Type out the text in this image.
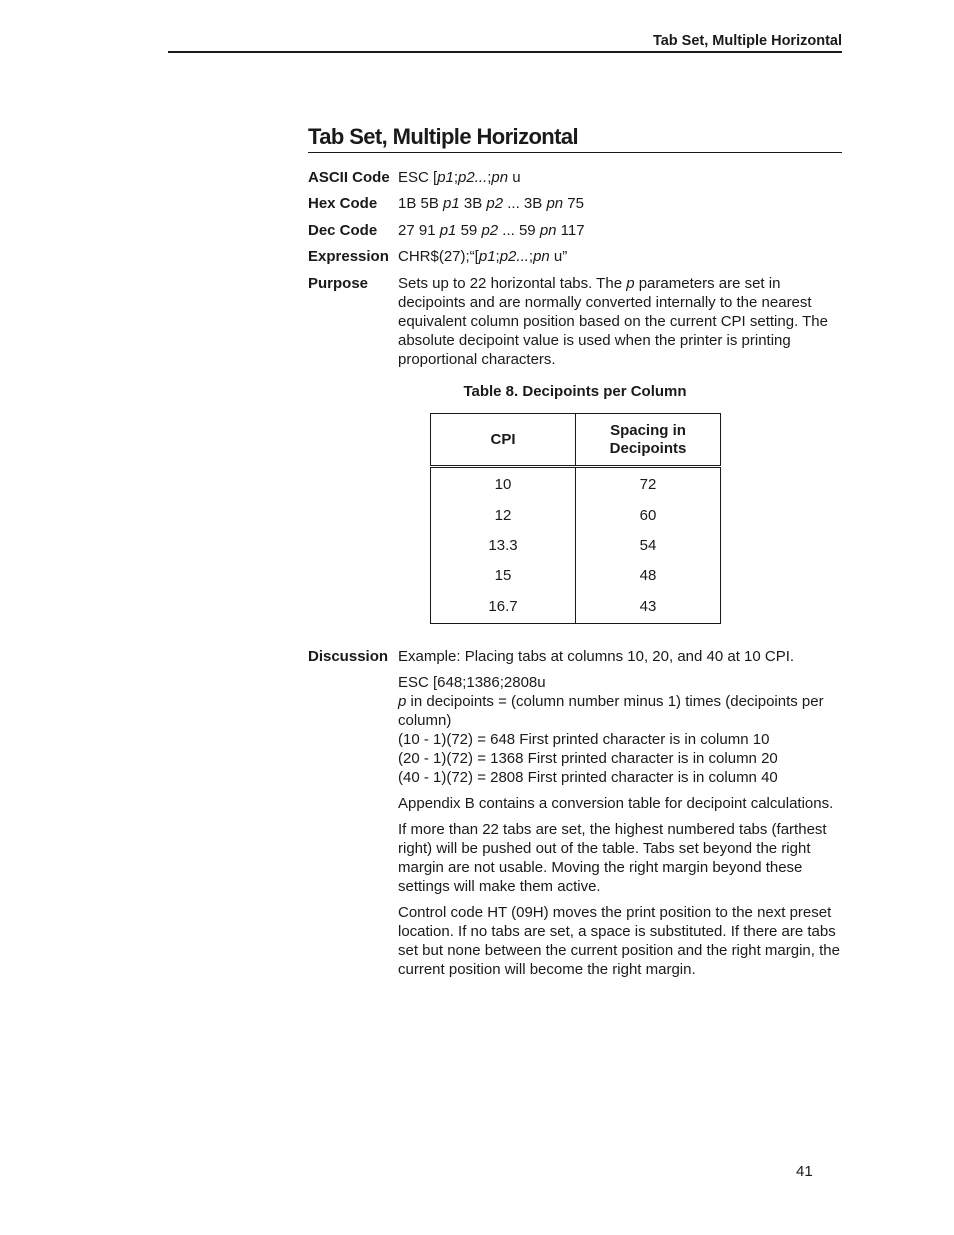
Tab Set, Multiple Horizontal
Tab Set, Multiple Horizontal
ASCII Code ESC [p1;p2...;pn u
Hex Code 1B 5B p1 3B p2 ... 3B pn 75
Dec Code 27 91 p1 59 p2 ... 59 pn 117
Expression CHR$(27);“[p1;p2...;pn u”
Purpose Sets up to 22 horizontal tabs. The p parameters are set in decipoints and are normally converted internally to the nearest equivalent column position based on the current CPI setting. The absolute decipoint value is used when the printer is printing proportional characters.
Table 8. Decipoints per Column
CPI	Spacing in
Decipoints
10	72
12	60
13.3	54
15	48
16.7	43
Discussion Example: Placing tabs at columns 10, 20, and 40 at 10 CPI.

ESC [648;1386;2808u

p in decipoints = (column number minus 1) times (decipoints per column)

(10 - 1)(72) = 648 First printed character is in column 10

(20 - 1)(72) = 1368 First printed character is in column 20

(40 - 1)(72) = 2808 First printed character is in column 40

Appendix B contains a conversion table for decipoint calculations.

If more than 22 tabs are set, the highest numbered tabs (farthest right) will be pushed out of the table. Tabs set beyond the right margin are not usable. Moving the right margin beyond these settings will make them active.

Control code HT (09H) moves the print position to the next preset location. If no tabs are set, a space is substituted. If there are tabs set but none between the current position and the right margin, the current position will become the right margin.

41
